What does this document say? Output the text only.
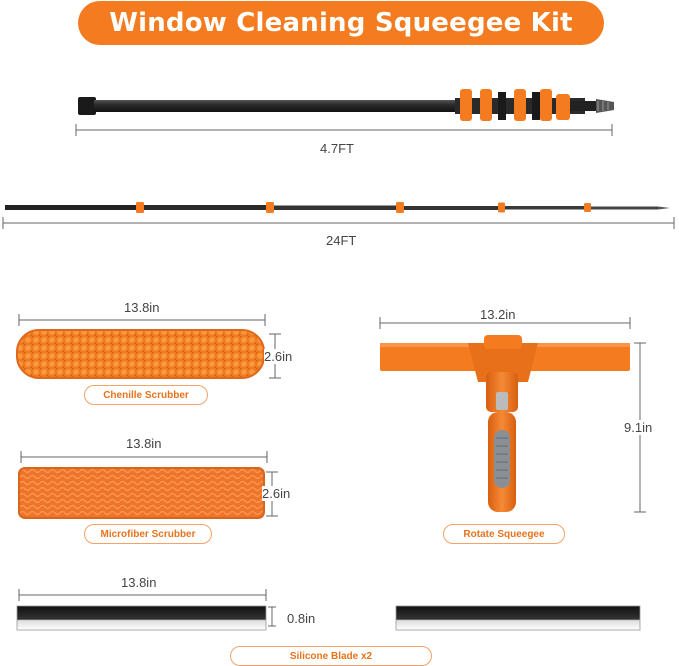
Window Cleaning Squeegee Kit
4.7FT
24FT
13.8in
2.6in
13.8in
2.6in
13.8in
0.8in
13.2in
9.1in
Chenille Scrubber
Microfiber Scrubber	Rotate Squeegee
Silicone Blade x2
